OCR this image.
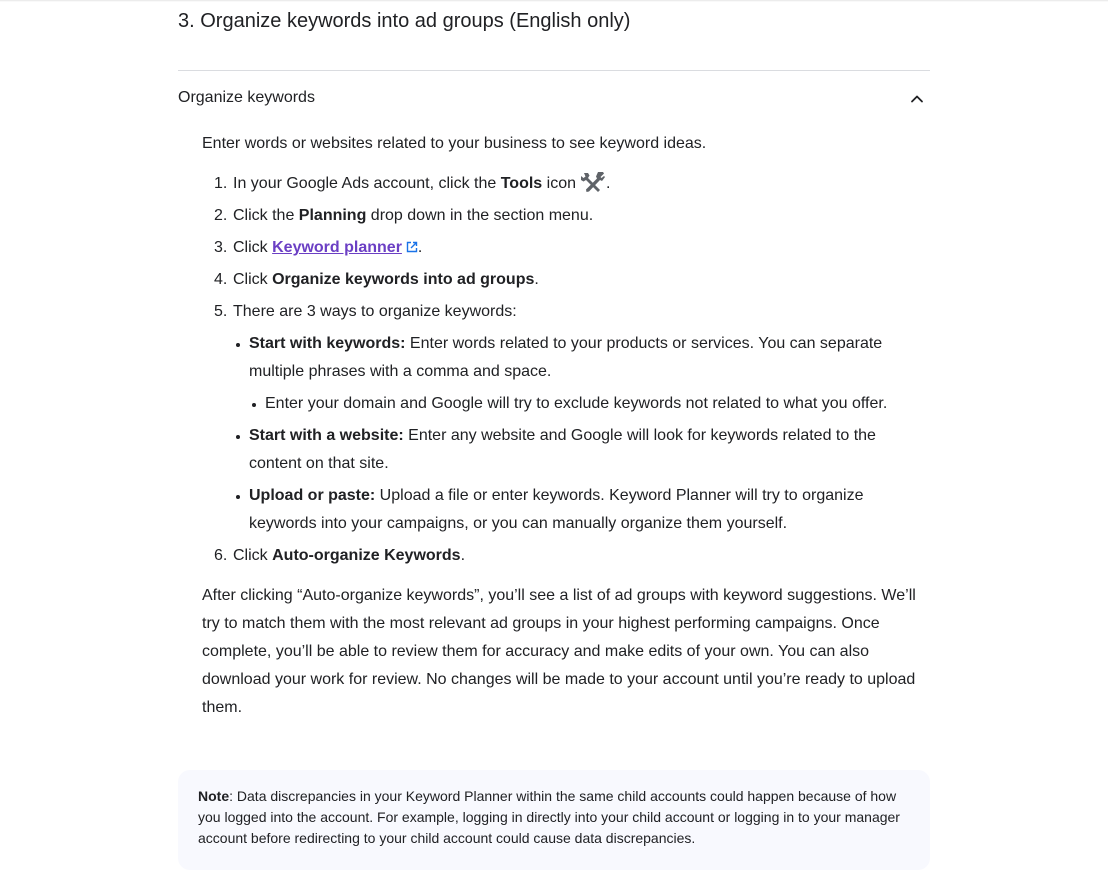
3. Organize keywords into ad groups (English only)
Organize keywords

Enter words or websites related to your business to see keyword ideas.

1. In your Google Ads account, click the Tools icon .
2. Click the Planning drop down in the section menu.
3. Click Keyword planner .
4. Click Organize keywords into ad groups.
5. There are 3 ways to organize keywords:
Start with keywords: Enter words related to your products or services. You can separate multiple phrases with a comma and space.
Enter your domain and Google will try to exclude keywords not related to what you offer.
Start with a website: Enter any website and Google will look for keywords related to the content on that site.
Upload or paste: Upload a file or enter keywords. Keyword Planner will try to organize keywords into your campaigns, or you can manually organize them yourself.
6. Click Auto-organize Keywords.

After clicking “Auto-organize keywords”, you’ll see a list of ad groups with keyword suggestions. We’ll try to match them with the most relevant ad groups in your highest performing campaigns. Once complete, you’ll be able to review them for accuracy and make edits of your own. You can also download your work for review. No changes will be made to your account until you’re ready to upload them.

Note: Data discrepancies in your Keyword Planner within the same child accounts could happen because of how you logged into the account. For example, logging in directly into your child account or logging in to your manager account before redirecting to your child account could cause data discrepancies.
